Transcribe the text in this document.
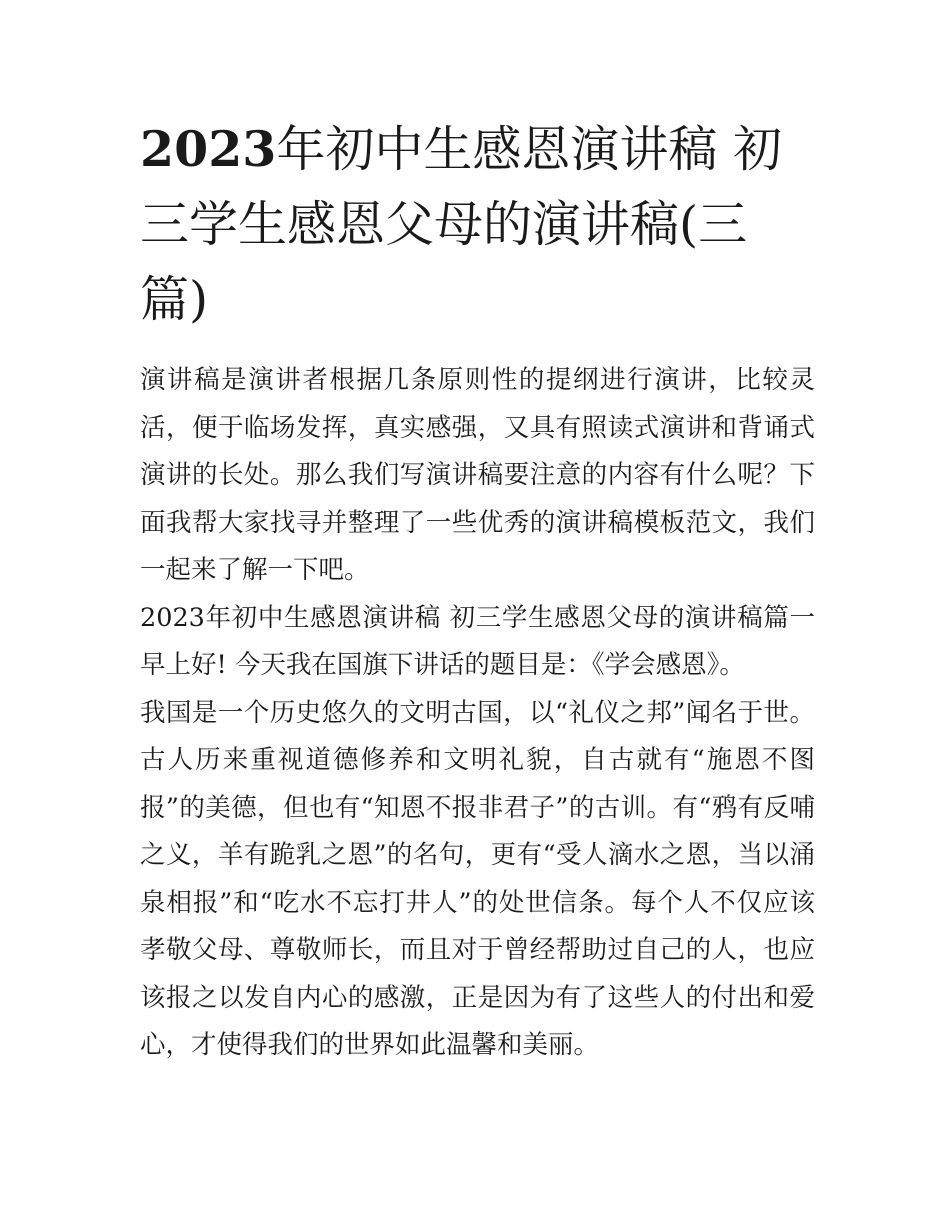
2023年初中生感恩演讲稿 初三学生感恩父母的演讲稿(三篇)

演讲稿是演讲者根据几条原则性的提纲进行演讲，比较灵活，便于临场发挥，真实感强，又具有照读式演讲和背诵式演讲的长处。那么我们写演讲稿要注意的内容有什么呢？下面我帮大家找寻并整理了一些优秀的演讲稿模板范文，我们一起来了解一下吧。

2023年初中生感恩演讲稿 初三学生感恩父母的演讲稿篇一 早上好! 今天我在国旗下讲话的题目是：《学会感恩》。

我国是一个历史悠久的文明古国，以“礼仪之邦”闻名于世。古人历来重视道德修养和文明礼貌，自古就有“施恩不图报”的美德，但也有“知恩不报非君子”的古训。有“鸦有反哺之义，羊有跪乳之恩”的名句，更有“受人滴水之恩，当以涌泉相报”和“吃水不忘打井人”的处世信条。每个人不仅应该孝敬父母、尊敬师长，而且对于曾经帮助过自己的人，也应该报之以发自内心的感激，正是因为有了这些人的付出和爱心，才使得我们的世界如此温馨和美丽。
